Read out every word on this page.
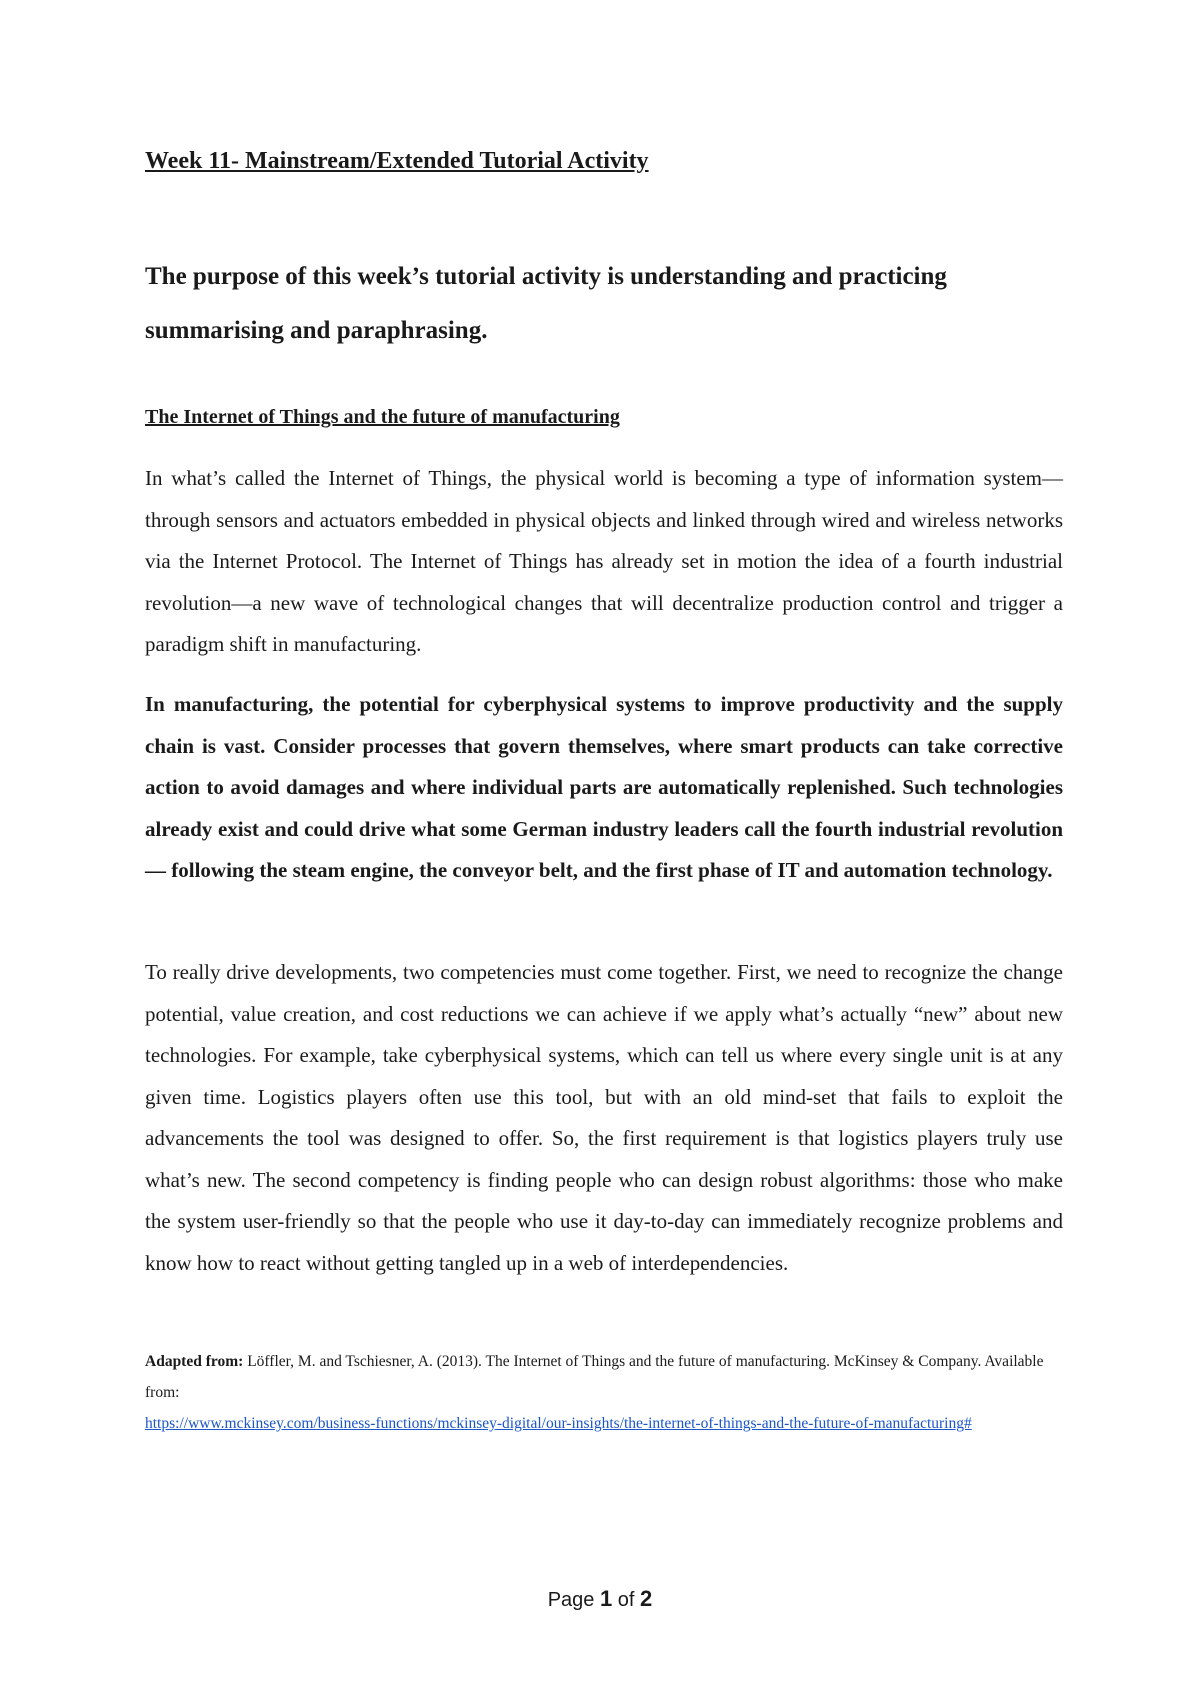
Week 11- Mainstream/Extended Tutorial Activity
The purpose of this week’s tutorial activity is understanding and practicing summarising and paraphrasing.
The Internet of Things and the future of manufacturing

In what’s called the Internet of Things, the physical world is becoming a type of information system—through sensors and actuators embedded in physical objects and linked through wired and wireless networks via the Internet Protocol. The Internet of Things has already set in motion the idea of a fourth industrial revolution—a new wave of technological changes that will decentralize production control and trigger a paradigm shift in manufacturing.

In manufacturing, the potential for cyberphysical systems to improve productivity and the supply chain is vast. Consider processes that govern themselves, where smart products can take corrective action to avoid damages and where individual parts are automatically replenished. Such technologies already exist and could drive what some German industry leaders call the fourth industrial revolution— following the steam engine, the conveyor belt, and the first phase of IT and automation technology.

To really drive developments, two competencies must come together. First, we need to recognize the change potential, value creation, and cost reductions we can achieve if we apply what’s actually “new” about new technologies. For example, take cyberphysical systems, which can tell us where every single unit is at any given time. Logistics players often use this tool, but with an old mind-set that fails to exploit the advancements the tool was designed to offer. So, the first requirement is that logistics players truly use what’s new. The second competency is finding people who can design robust algorithms: those who make the system user-friendly so that the people who use it day-to-day can immediately recognize problems and know how to react without getting tangled up in a web of interdependencies.

Adapted from: Löffler, M. and Tschiesner, A. (2013). The Internet of Things and the future of manufacturing. McKinsey & Company. Available from:
https://www.mckinsey.com/business-functions/mckinsey-digital/our-insights/the-internet-of-things-and-the-future-of-manufacturing#
Page 1 of 2
